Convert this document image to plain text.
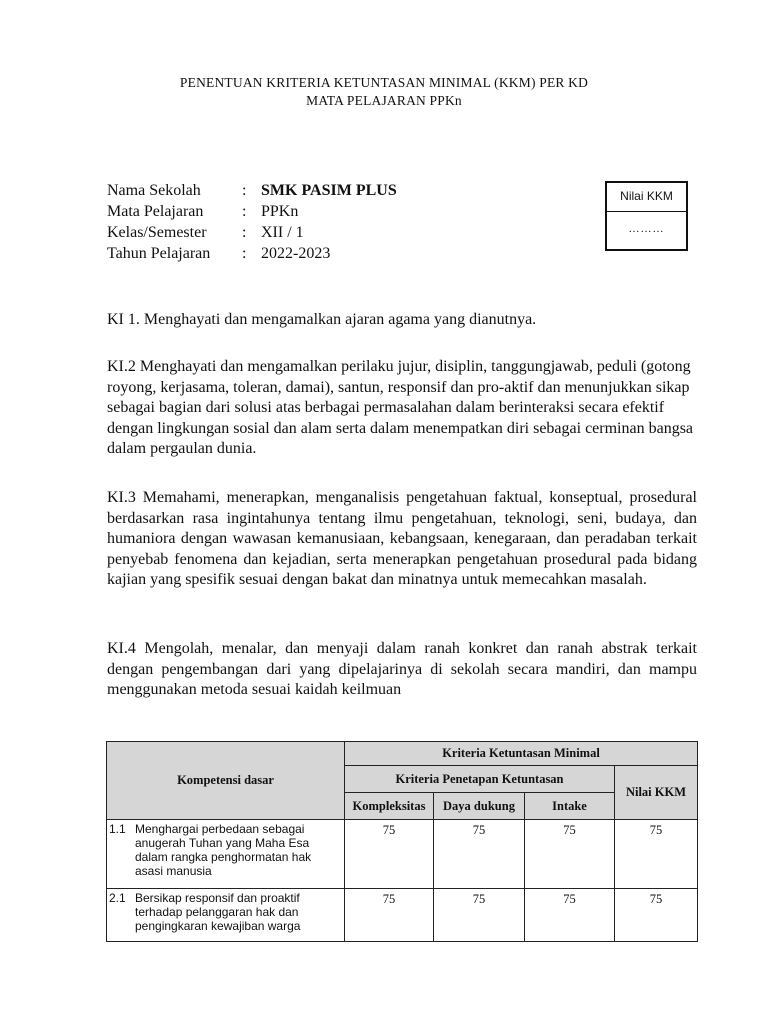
PENENTUAN KRITERIA KETUNTASAN MINIMAL (KKM) PER KD
MATA PELAJARAN PPKn
Nama Sekolah	: SMK PASIM PLUS
Mata Pelajaran : PPKn
Kelas/Semester : XII / 1
Tahun Pelajaran : 2022-2023
Nilai KKM
………

KI 1. Menghayati dan mengamalkan ajaran agama yang dianutnya.

KI.2 Menghayati dan mengamalkan perilaku jujur, disiplin, tanggungjawab, peduli (gotong royong, kerjasama, toleran, damai), santun, responsif dan pro-aktif dan menunjukkan sikap sebagai bagian dari solusi atas berbagai permasalahan dalam berinteraksi secara efektif dengan lingkungan sosial dan alam serta dalam menempatkan diri sebagai cerminan bangsa dalam pergaulan dunia.

KI.3 Memahami, menerapkan, menganalisis pengetahuan faktual, konseptual, prosedural berdasarkan rasa ingintahunya tentang ilmu pengetahuan, teknologi, seni, budaya, dan humaniora dengan wawasan kemanusiaan, kebangsaan, kenegaraan, dan peradaban terkait penyebab fenomena dan kejadian, serta menerapkan pengetahuan prosedural pada bidang kajian yang spesifik sesuai dengan bakat dan minatnya untuk memecahkan masalah.

KI.4 Mengolah, menalar, dan menyaji dalam ranah konkret dan ranah abstrak terkait dengan pengembangan dari yang dipelajarinya di sekolah secara mandiri, dan mampu menggunakan metoda sesuai kaidah keilmuan

Kompetensi dasar	Kriteria Ketuntasan Minimal			
	Kriteria Penetapan Ketuntasan			Nilai KKM
	Kompleksitas	Daya dukung	Intake	

1.1 Menghargai perbedaan sebagai anugerah Tuhan yang Maha Esa dalam rangka penghormatan hak asasi manusia	75	75	75	75

2.1 Bersikap responsif dan proaktif terhadap pelanggaran hak dan pengingkaran kewajiban warga	75	75	75	75
